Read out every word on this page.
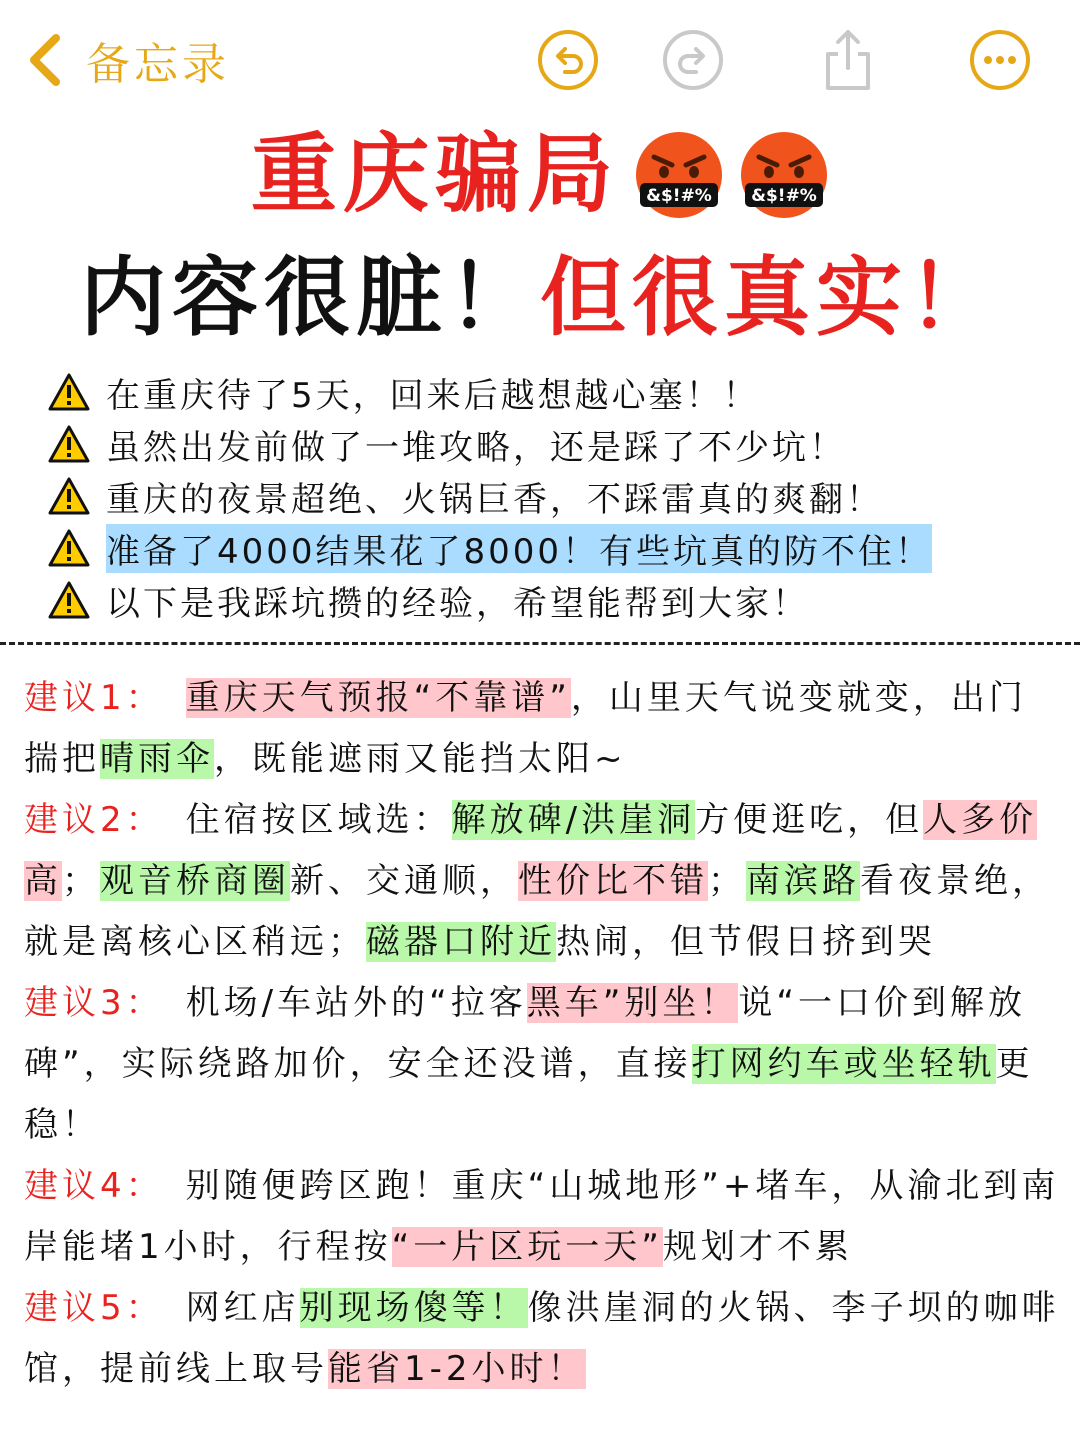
备忘录
重庆骗局 &$!#%
&$!#%
内容很脏！但很真实！
在重庆待了5天，回来后越想越心塞！！
虽然出发前做了一堆攻略，还是踩了不少坑！
重庆的夜景超绝、火锅巨香，不踩雷真的爽翻！
准备了4000结果花了8000！有些坑真的防不住！
以下是我踩坑攒的经验，希望能帮到大家！

建议1： 重庆天气预报“不靠谱”，山里天气说变就变，出门揣把晴雨伞，既能遮雨又能挡太阳~

建议2： 住宿按区域选：解放碑/洪崖洞方便逛吃，但人多价高；观音桥商圈新、交通顺，性价比不错；南滨路看夜景绝，就是离核心区稍远；磁器口附近热闹，但节假日挤到哭

建议3： 机场/车站外的“拉客黑车”别坐！说“一口价到解放碑”，实际绕路加价，安全还没谱，直接打网约车或坐轻轨更稳！

建议4： 别随便跨区跑！重庆“山城地形”+堵车，从渝北到南岸能堵1小时，行程按“一片区玩一天”规划才不累

建议5： 网红店别现场傻等！像洪崖洞的火锅、李子坝的咖啡馆，提前线上取号能省1-2小时！
